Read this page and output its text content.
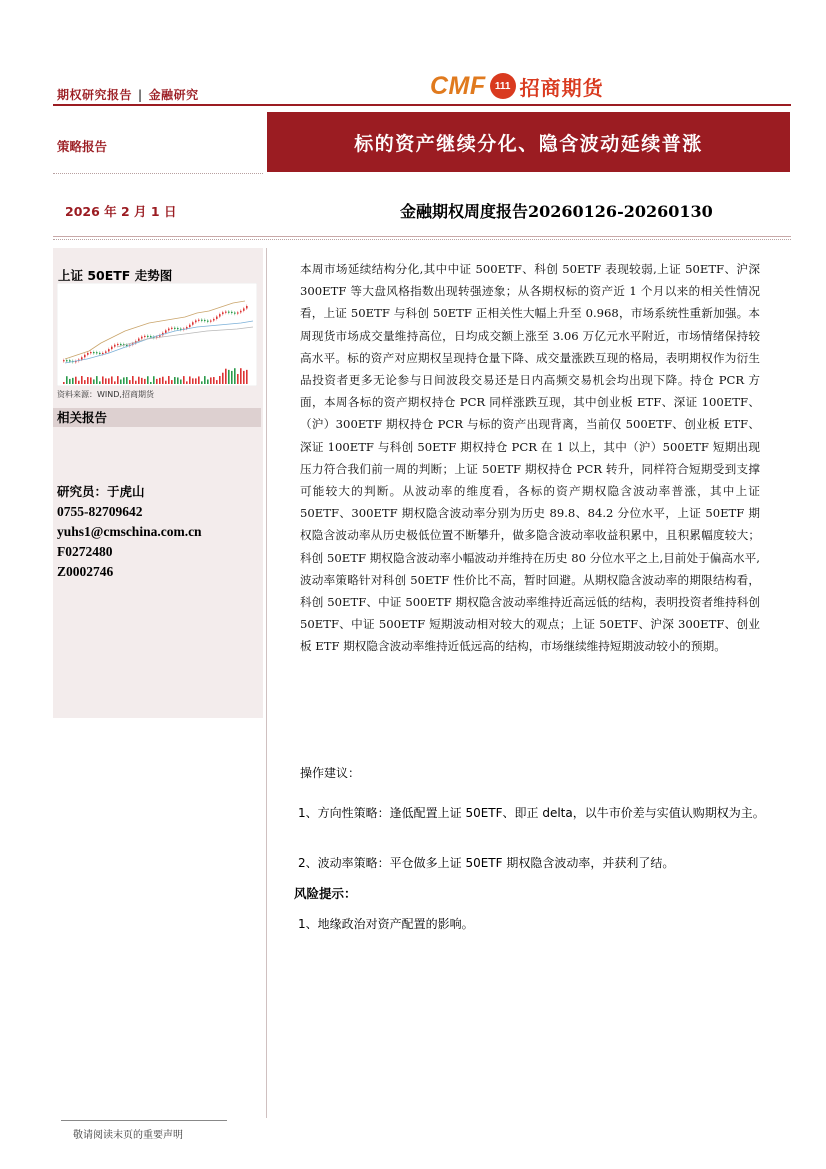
期权研究报告 | 金融研究	CMF 111 招商期货
策略报告	标的资产继续分化、隐含波动延续普涨
2026 年 2 月 1 日	金融期权周度报告20260126-20260130
上证 50ETF 走势图
资料来源：WIND,招商期货
相关报告
研究员：于虎山
0755-82709642
yuhs1@cmschina.com.cn
F0272480
Z0002746
本周市场延续结构分化,其中中证 500ETF、科创 50ETF 表现较弱,上证 50ETF、沪深 300ETF 等大盘风格指数出现转强迹象；从各期权标的资产近 1 个月以来的相关性情况看，上证 50ETF 与科创 50ETF 正相关性大幅上升至 0.968，市场系统性重新加强。本周现货市场成交量维持高位，日均成交额上涨至 3.06 万亿元水平附近，市场情绪保持较高水平。标的资产对应期权呈现持仓量下降、成交量涨跌互现的格局，表明期权作为衍生品投资者更多无论参与日间波段交易还是日内高频交易机会均出现下降。持仓 PCR 方面，本周各标的资产期权持仓 PCR 同样涨跌互现，其中创业板 ETF、深证 100ETF、（沪）300ETF 期权持仓 PCR 与标的资产出现背离，当前仅 500ETF、创业板 ETF、深证 100ETF 与科创 50ETF 期权持仓 PCR 在 1 以上，其中（沪）500ETF 短期出现压力符合我们前一周的判断；上证 50ETF 期权持仓 PCR 转升，同样符合短期受到支撑可能较大的判断。从波动率的维度看，各标的资产期权隐含波动率普涨，其中上证 50ETF、300ETF 期权隐含波动率分别为历史 89.8、84.2 分位水平，上证 50ETF 期权隐含波动率从历史极低位置不断攀升，做多隐含波动率收益积累中，且积累幅度较大；科创 50ETF 期权隐含波动率小幅波动并维持在历史 80 分位水平之上,目前处于偏高水平,波动率策略针对科创 50ETF 性价比不高，暂时回避。从期权隐含波动率的期限结构看，科创 50ETF、中证 500ETF 期权隐含波动率维持近高远低的结构，表明投资者维持科创 50ETF、中证 500ETF 短期波动相对较大的观点；上证 50ETF、沪深 300ETF、创业板 ETF 期权隐含波动率维持近低远高的结构，市场继续维持短期波动较小的预期。
操作建议：
1、方向性策略：逢低配置上证 50ETF、即正 delta，以牛市价差与实值认购期权为主。
2、波动率策略：平仓做多上证 50ETF 期权隐含波动率，并获利了结。
风险提示：
1、地缘政治对资产配置的影响。
敬请阅读末页的重要声明
